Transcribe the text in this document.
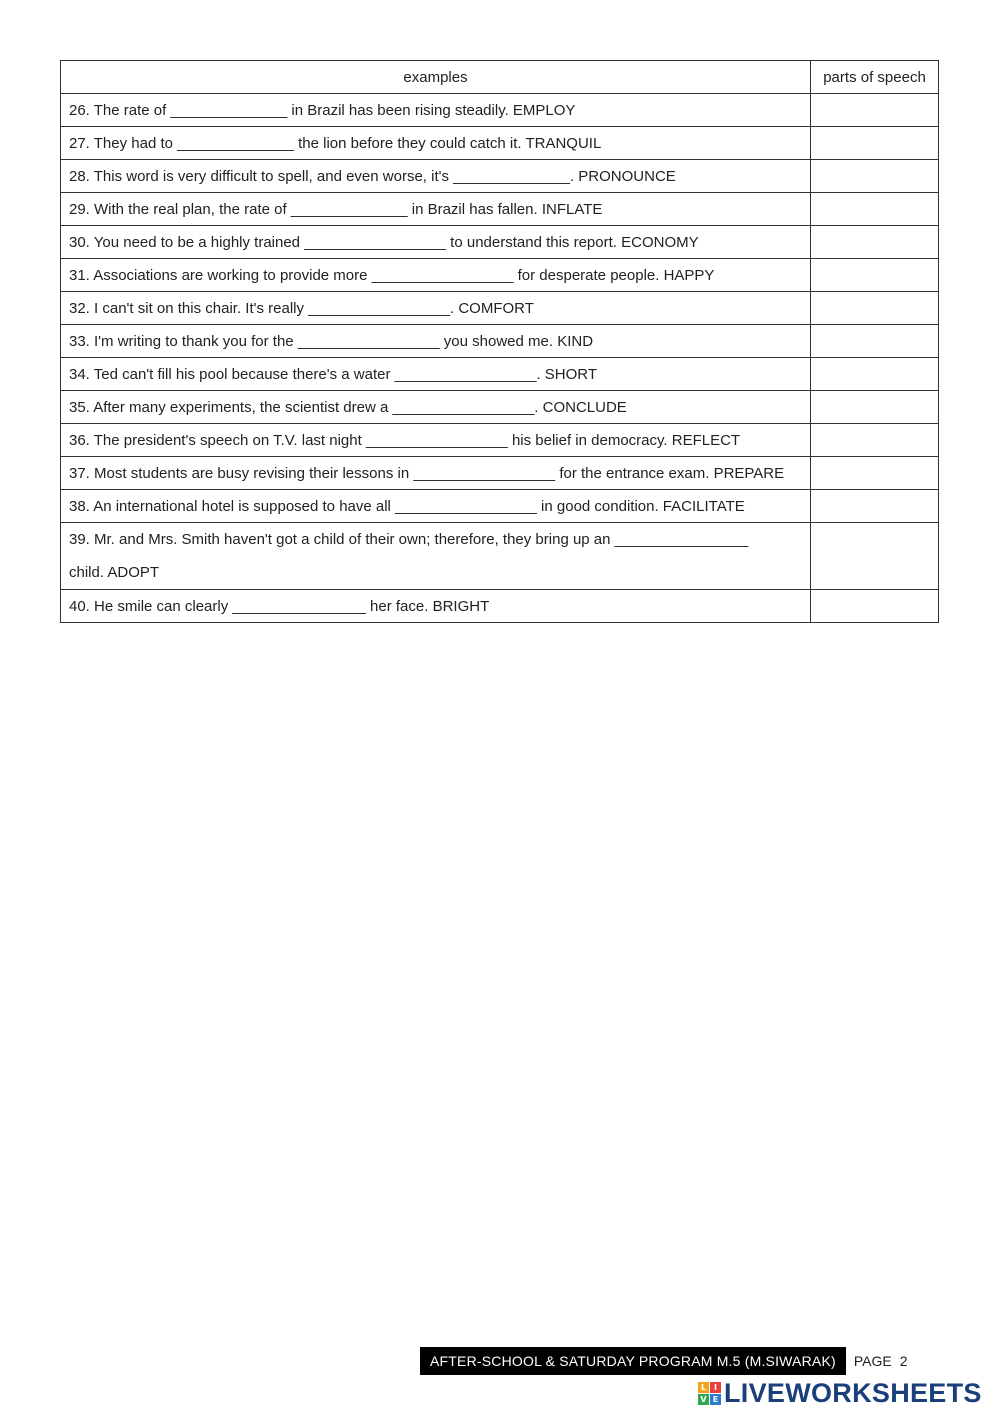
examples	parts of speech
26. The rate of ______________ in Brazil has been rising steadily. EMPLOY	
27. They had to ______________ the lion before they could catch it. TRANQUIL	
28. This word is very difficult to spell, and even worse, it's ______________. PRONOUNCE	
29. With the real plan, the rate of ______________ in Brazil has fallen. INFLATE	
30. You need to be a highly trained _________________ to understand this report. ECONOMY	
31. Associations are working to provide more _________________ for desperate people. HAPPY	
32. I can't sit on this chair. It's really _________________. COMFORT	
33. I'm writing to thank you for the _________________ you showed me. KIND	
34. Ted can't fill his pool because there's a water _________________. SHORT	
35. After many experiments, the scientist drew a _________________. CONCLUDE	
36. The president's speech on T.V. last night _________________ his belief in democracy. REFLECT	
37. Most students are busy revising their lessons in _________________ for the entrance exam. PREPARE	
38. An international hotel is supposed to have all _________________ in good condition. FACILITATE	
39. Mr. and Mrs. Smith haven't got a child of their own; therefore, they bring up an ________________
child. ADOPT	
40. He smile can clearly ________________ her face. BRIGHT	
AFTER-SCHOOL & SATURDAY PROGRAM M.5 (M.SIWARAK)	PAGE 2
L I
V E LIVEWORKSHEETS
